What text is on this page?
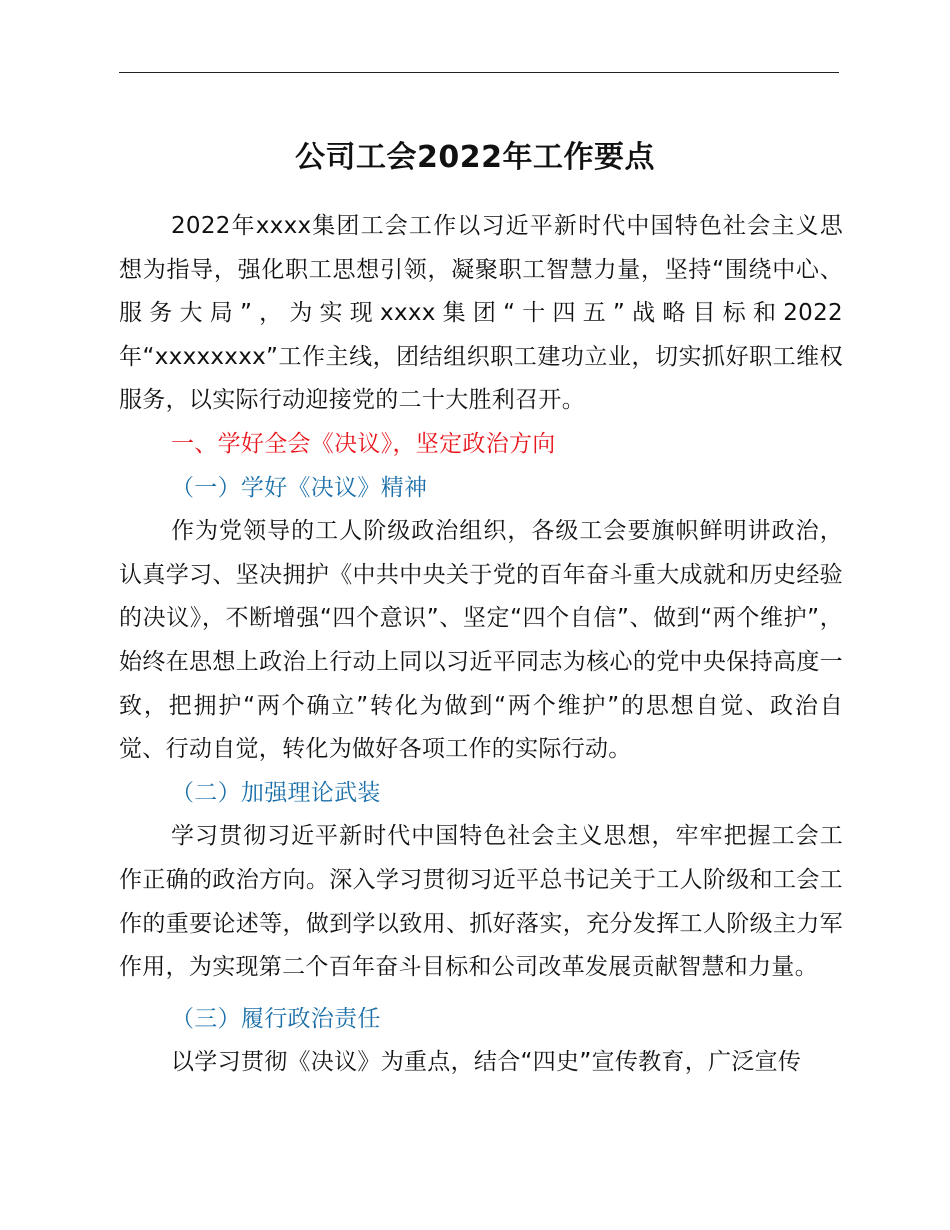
公司工会2022年工作要点

2022年xxxx集团工会工作以习近平新时代中国特色社会主义思想为指导，强化职工思想引领，凝聚职工智慧力量，坚持“围绕中心、服务大局”，为实现xxxx集团“十四五”战略目标和2022年“xxxxxxxx”工作主线，团结组织职工建功立业，切实抓好职工维权服务，以实际行动迎接党的二十大胜利召开。

一、学好全会《决议》，坚定政治方向

（一）学好《决议》精神

作为党领导的工人阶级政治组织，各级工会要旗帜鲜明讲政治，认真学习、坚决拥护《中共中央关于党的百年奋斗重大成就和历史经验的决议》，不断增强“四个意识”、坚定“四个自信”、做到“两个维护”，始终在思想上政治上行动上同以习近平同志为核心的党中央保持高度一致，把拥护“两个确立”转化为做到“两个维护”的思想自觉、政治自觉、行动自觉，转化为做好各项工作的实际行动。

（二）加强理论武装

学习贯彻习近平新时代中国特色社会主义思想，牢牢把握工会工作正确的政治方向。深入学习贯彻习近平总书记关于工人阶级和工会工作的重要论述等，做到学以致用、抓好落实，充分发挥工人阶级主力军作用，为实现第二个百年奋斗目标和公司改革发展贡献智慧和力量。

（三）履行政治责任

以学习贯彻《决议》为重点，结合“四史”宣传教育，广泛宣传
